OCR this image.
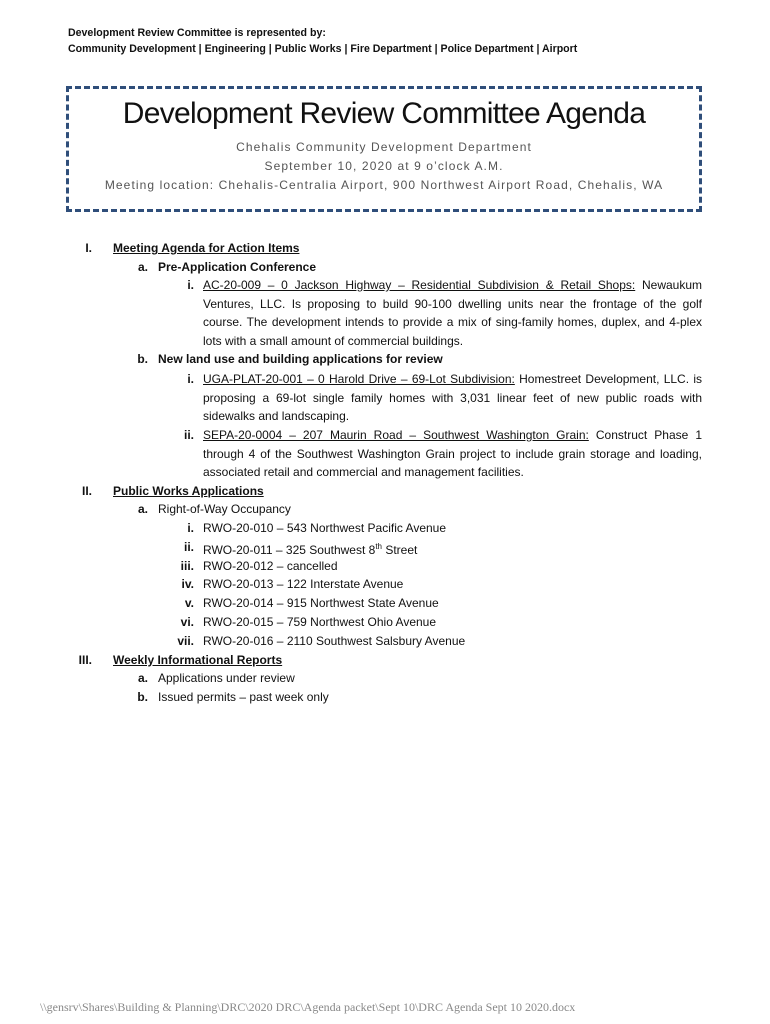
Development Review Committee is represented by:
Community Development | Engineering | Public Works | Fire Department | Police Department | Airport
Development Review Committee Agenda
Chehalis Community Development Department
September 10, 2020 at 9 o’clock A.M.
Meeting location: Chehalis-Centralia Airport, 900 Northwest Airport Road, Chehalis, WA
I. Meeting Agenda for Action Items
a. Pre-Application Conference
i. AC-20-009 – 0 Jackson Highway – Residential Subdivision & Retail Shops: Newaukum Ventures, LLC. Is proposing to build 90-100 dwelling units near the frontage of the golf course. The development intends to provide a mix of sing-family homes, duplex, and 4-plex lots with a small amount of commercial buildings.
b. New land use and building applications for review
i. UGA-PLAT-20-001 – 0 Harold Drive – 69-Lot Subdivision: Homestreet Development, LLC. is proposing a 69-lot single family homes with 3,031 linear feet of new public roads with sidewalks and landscaping.
ii. SEPA-20-0004 – 207 Maurin Road – Southwest Washington Grain: Construct Phase 1 through 4 of the Southwest Washington Grain project to include grain storage and loading, associated retail and commercial and management facilities.
II. Public Works Applications
a. Right-of-Way Occupancy
i. RWO-20-010 – 543 Northwest Pacific Avenue
ii. RWO-20-011 – 325 Southwest 8th Street
iii. RWO-20-012 – cancelled
iv. RWO-20-013 – 122 Interstate Avenue
v. RWO-20-014 – 915 Northwest State Avenue
vi. RWO-20-015 – 759 Northwest Ohio Avenue
vii. RWO-20-016 – 2110 Southwest Salsbury Avenue
III. Weekly Informational Reports
a. Applications under review
b. Issued permits – past week only
\\gensrv\Shares\Building & Planning\DRC\2020 DRC\Agenda packet\Sept 10\DRC Agenda Sept 10 2020.docx
